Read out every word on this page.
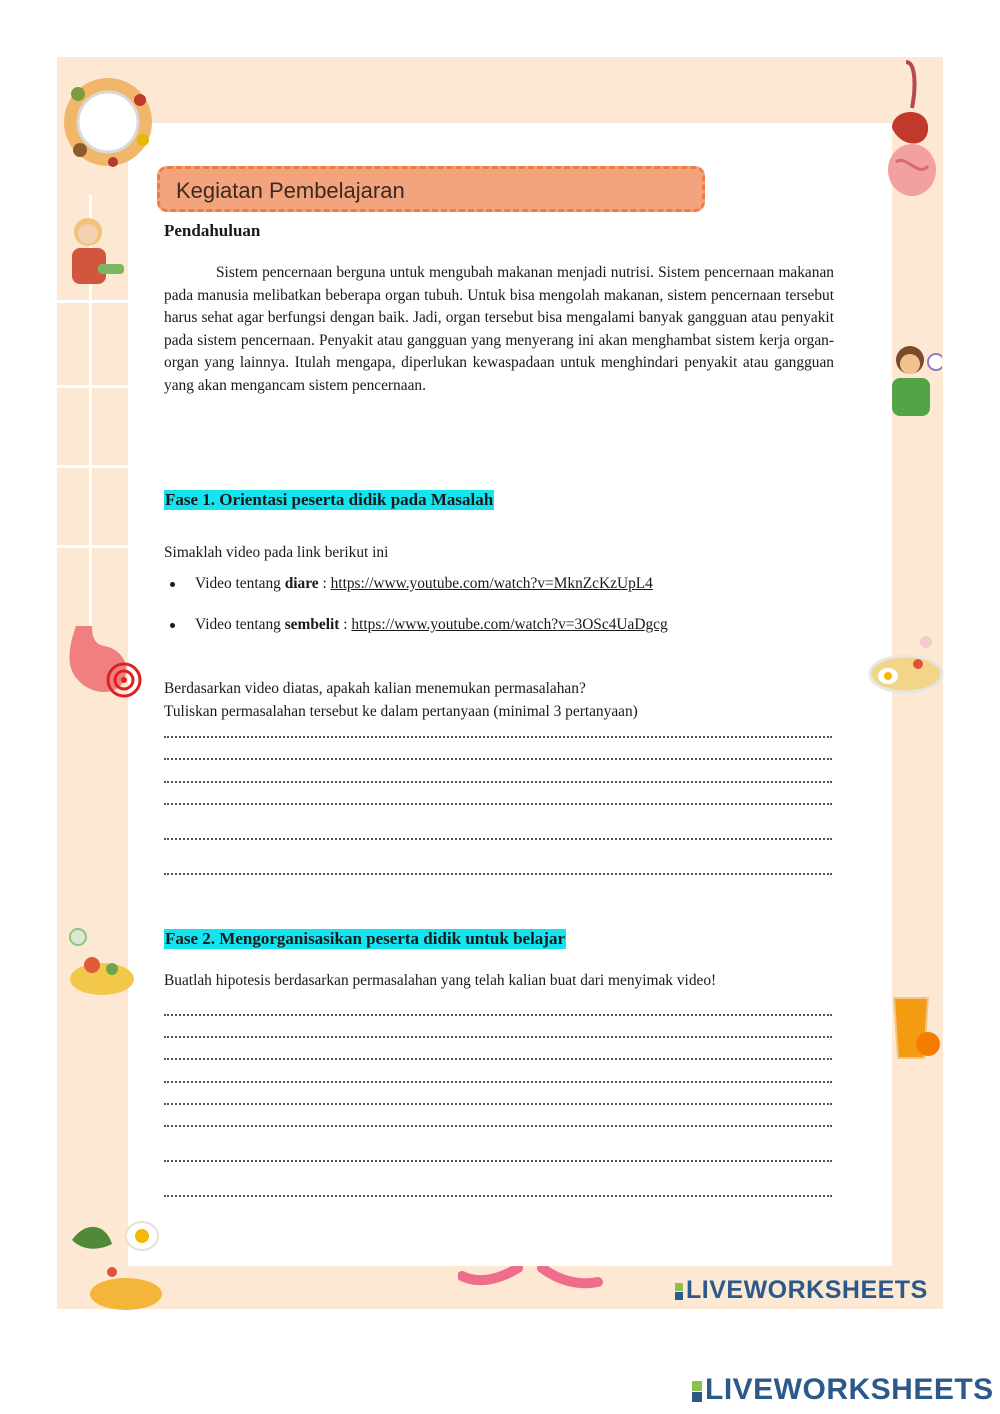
Kegiatan Pembelajaran
Pendahuluan
Sistem pencernaan berguna untuk mengubah makanan menjadi nutrisi. Sistem pencernaan makanan pada manusia melibatkan beberapa organ tubuh. Untuk bisa mengolah makanan, sistem pencernaan tersebut harus sehat agar berfungsi dengan baik. Jadi, organ tersebut bisa mengalami banyak gangguan atau penyakit pada sistem pencernaan. Penyakit atau gangguan yang menyerang ini akan menghambat sistem kerja organ-organ yang lainnya. Itulah mengapa, diperlukan kewaspadaan untuk menghindari penyakit atau gangguan yang akan mengancam sistem pencernaan.
Fase 1. Orientasi peserta didik pada Masalah
Simaklah video pada link berikut ini
Video tentang diare : https://www.youtube.com/watch?v=MknZcKzUpL4
Video tentang sembelit : https://www.youtube.com/watch?v=3OSc4UaDgcg
Berdasarkan video diatas, apakah kalian menemukan permasalahan?
Tuliskan permasalahan tersebut ke dalam pertanyaan (minimal 3 pertanyaan)
Fase 2. Mengorganisasikan peserta didik untuk belajar
Buatlah hipotesis berdasarkan permasalahan yang telah kalian buat dari menyimak video!
LIVEWORKSHEETS
LIVEWORKSHEETS
